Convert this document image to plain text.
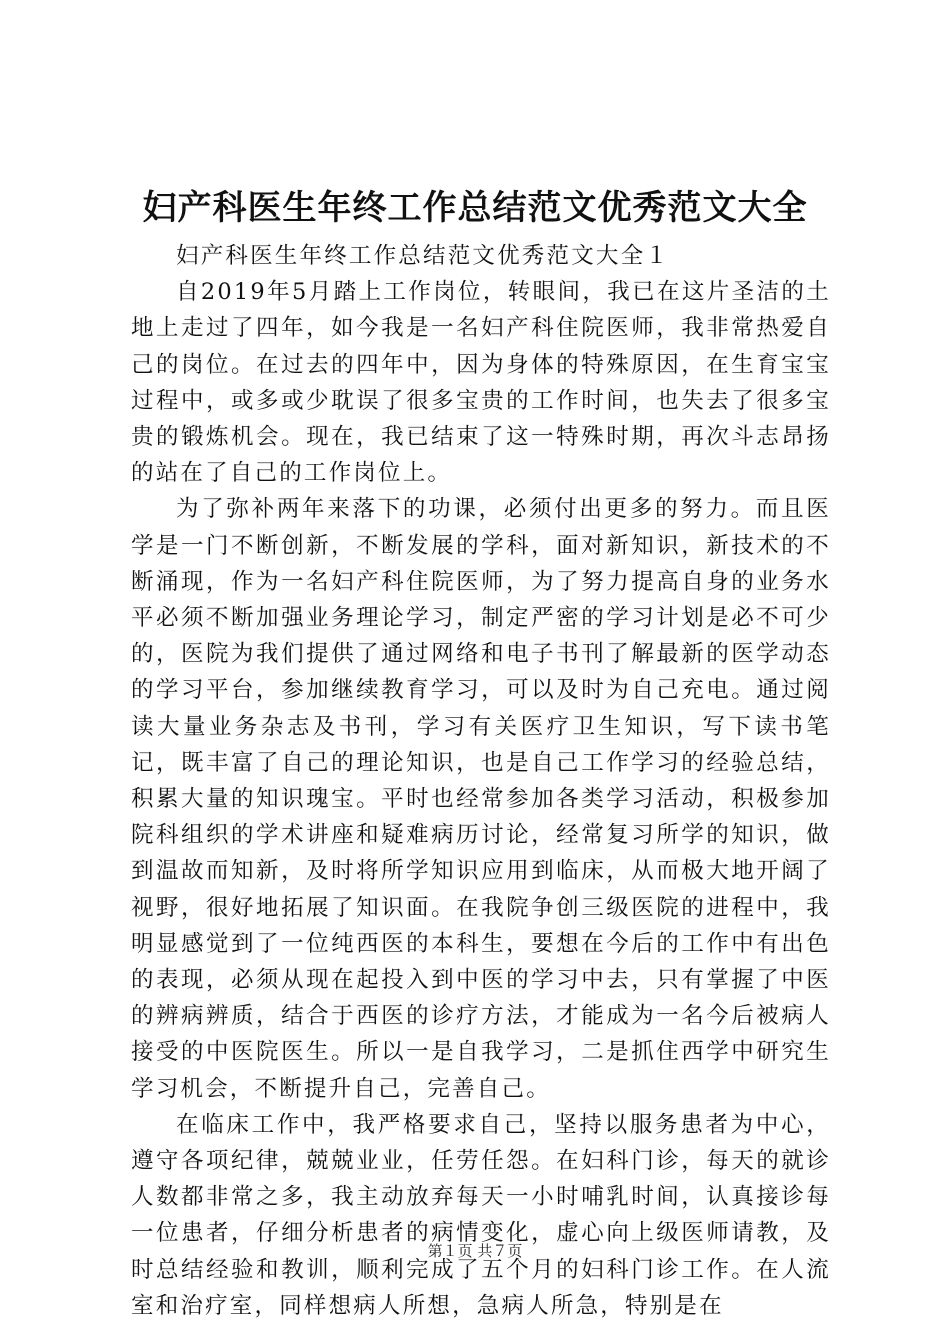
妇产科医生年终工作总结范文优秀范文大全

妇产科医生年终工作总结范文优秀范文大全１

自2019年5月踏上工作岗位，转眼间，我已在这片圣洁的土地上走过了四年，如今我是一名妇产科住院医师，我非常热爱自己的岗位。在过去的四年中，因为身体的特殊原因，在生育宝宝过程中，或多或少耽误了很多宝贵的工作时间，也失去了很多宝贵的锻炼机会。现在，我已结束了这一特殊时期，再次斗志昂扬的站在了自己的工作岗位上。

为了弥补两年来落下的功课，必须付出更多的努力。而且医学是一门不断创新，不断发展的学科，面对新知识，新技术的不断涌现，作为一名妇产科住院医师，为了努力提高自身的业务水平必须不断加强业务理论学习，制定严密的学习计划是必不可少的，医院为我们提供了通过网络和电子书刊了解最新的医学动态的学习平台，参加继续教育学习，可以及时为自己充电。通过阅读大量业务杂志及书刊，学习有关医疗卫生知识，写下读书笔记，既丰富了自己的理论知识，也是自己工作学习的经验总结，积累大量的知识瑰宝。平时也经常参加各类学习活动，积极参加院科组织的学术讲座和疑难病历讨论，经常复习所学的知识，做到温故而知新，及时将所学知识应用到临床，从而极大地开阔了视野，很好地拓展了知识面。在我院争创三级医院的进程中，我明显感觉到了一位纯西医的本科生，要想在今后的工作中有出色的表现，必须从现在起投入到中医的学习中去，只有掌握了中医的辨病辨质，结合于西医的诊疗方法，才能成为一名今后被病人接受的中医院医生。所以一是自我学习，二是抓住西学中研究生学习机会，不断提升自己，完善自己。

在临床工作中，我严格要求自己，坚持以服务患者为中心，遵守各项纪律，兢兢业业，任劳任怨。在妇科门诊，每天的就诊人数都非常之多，我主动放弃每天一小时哺乳时间，认真接诊每一位患者，仔细分析患者的病情变化，虚心向上级医师请教，及时总结经验和教训，顺利完成了五个月的妇科门诊工作。在人流室和治疗室，同样想病人所想，急病人所急，特别是在

第１页 共７页
